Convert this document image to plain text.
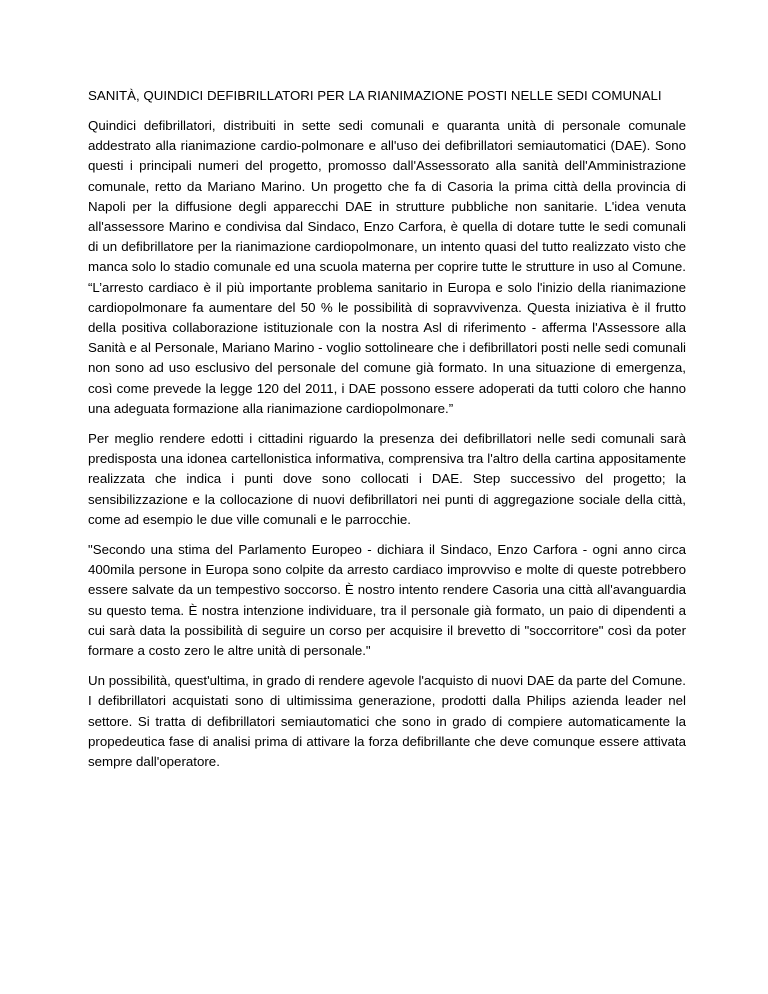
SANITÀ, QUINDICI DEFIBRILLATORI PER LA RIANIMAZIONE POSTI NELLE SEDI COMUNALI

Quindici defibrillatori, distribuiti in sette sedi comunali e quaranta unità di personale comunale addestrato alla rianimazione cardio-polmonare e all'uso dei defibrillatori semiautomatici (DAE). Sono questi i principali numeri del progetto, promosso dall'Assessorato alla sanità dell'Amministrazione comunale, retto da Mariano Marino. Un progetto che fa di Casoria la prima città della provincia di Napoli per la diffusione degli apparecchi DAE in strutture pubbliche non sanitarie. L'idea venuta all'assessore Marino e condivisa dal Sindaco, Enzo Carfora, è quella di dotare tutte le sedi comunali di un defibrillatore per la rianimazione cardiopolmonare, un intento quasi del tutto realizzato visto che manca solo lo stadio comunale ed una scuola materna per coprire tutte le strutture in uso al Comune. “L’arresto cardiaco è il più importante problema sanitario in Europa e solo l'inizio della rianimazione cardiopolmonare fa aumentare del 50 % le possibilità di sopravvivenza. Questa iniziativa è il frutto della positiva collaborazione istituzionale con la nostra Asl di riferimento - afferma l'Assessore alla Sanità e al Personale, Mariano Marino - voglio sottolineare che i defibrillatori posti nelle sedi comunali non sono ad uso esclusivo del personale del comune già formato. In una situazione di emergenza, così come prevede la legge 120 del 2011, i DAE possono essere adoperati da tutti coloro che hanno una adeguata formazione alla rianimazione cardiopolmonare.”

Per meglio rendere edotti i cittadini riguardo la presenza dei defibrillatori nelle sedi comunali sarà predisposta una idonea cartellonistica informativa, comprensiva tra l'altro della cartina appositamente realizzata che indica i punti dove sono collocati i DAE. Step successivo del progetto; la sensibilizzazione e la collocazione di nuovi defibrillatori nei punti di aggregazione sociale della città, come ad esempio le due ville comunali e le parrocchie.

"Secondo una stima del Parlamento Europeo - dichiara il Sindaco, Enzo Carfora - ogni anno circa 400mila persone in Europa sono colpite da arresto cardiaco improvviso e molte di queste potrebbero essere salvate da un tempestivo soccorso. È nostro intento rendere Casoria una città all'avanguardia su questo tema. È nostra intenzione individuare, tra il personale già formato, un paio di dipendenti a cui sarà data la possibilità di seguire un corso per acquisire il brevetto di "soccorritore" così da poter formare a costo zero le altre unità di personale."

Un possibilità, quest'ultima, in grado di rendere agevole l'acquisto di nuovi DAE da parte del Comune. I defibrillatori acquistati sono di ultimissima generazione, prodotti dalla Philips azienda leader nel settore. Si tratta di defibrillatori semiautomatici che sono in grado di compiere automaticamente la propedeutica fase di analisi prima di attivare la forza defibrillante che deve comunque essere attivata sempre dall'operatore.
